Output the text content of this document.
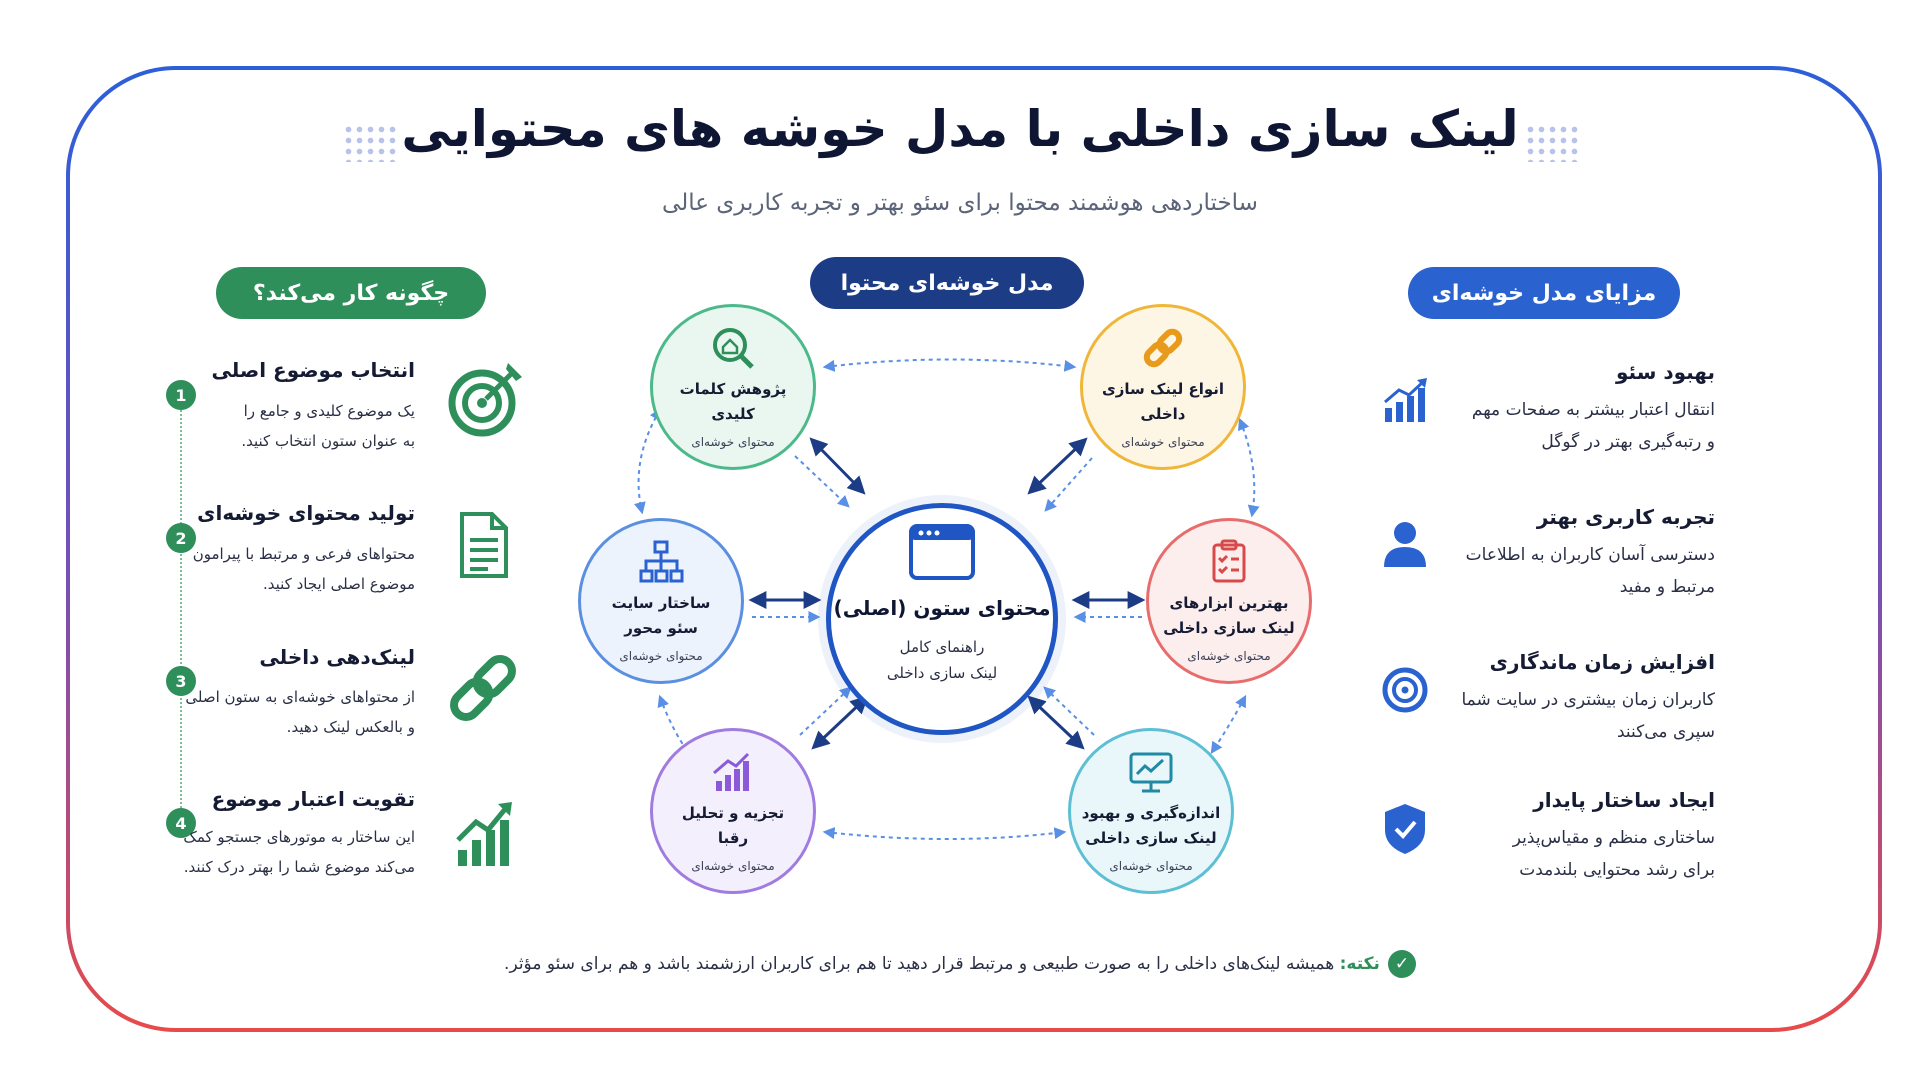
لینک سازی داخلی با مدل خوشه های محتوایی
ساختاردهی هوشمند محتوا برای سئو بهتر و تجربه کاربری عالی
چگونه کار می‌کند؟	مدل خوشه‌ای محتوا	مزایای مدل خوشه‌ای
1
انتخاب موضوع اصلی
یک موضوع کلیدی و جامع را
به عنوان ستون انتخاب کنید.
2
تولید محتوای خوشه‌ای
محتواهای فرعی و مرتبط با پیرامون
موضوع اصلی ایجاد کنید.
3
لینک‌دهی داخلی
از محتواهای خوشه‌ای به ستون اصلی
و بالعکس لینک دهید.
4
تقویت اعتبار موضوع
این ساختار به موتورهای جستجو کمک
می‌کند موضوع شما را بهتر درک کنند.
محتوای ستون (اصلی)
راهنمای کامل
لینک سازی داخلی
پژوهش کلمات
کلیدی
محتوای خوشه‌ای
انواع لینک سازی
داخلی
محتوای خوشه‌ای
ساختار سایت
سئو محور
محتوای خوشه‌ای
بهترین ابزارهای
لینک سازی داخلی
محتوای خوشه‌ای
تجزیه و تحلیل
رقبا
محتوای خوشه‌ای
اندازه‌گیری و بهبود
لینک سازی داخلی
محتوای خوشه‌ای
بهبود سئو
انتقال اعتبار بیشتر به صفحات مهم
و رتبه‌گیری بهتر در گوگل
تجربه کاربری بهتر
دسترسی آسان کاربران به اطلاعات
مرتبط و مفید
افزایش زمان ماندگاری
کاربران زمان بیشتری در سایت شما
سپری می‌کنند
ایجاد ساختار پایدار
ساختاری منظم و مقیاس‌پذیر
برای رشد محتوایی بلندمدت
✓نکته: همیشه لینک‌های داخلی را به صورت طبیعی و مرتبط قرار دهید تا هم برای کاربران ارزشمند باشد و هم برای سئو مؤثر.
